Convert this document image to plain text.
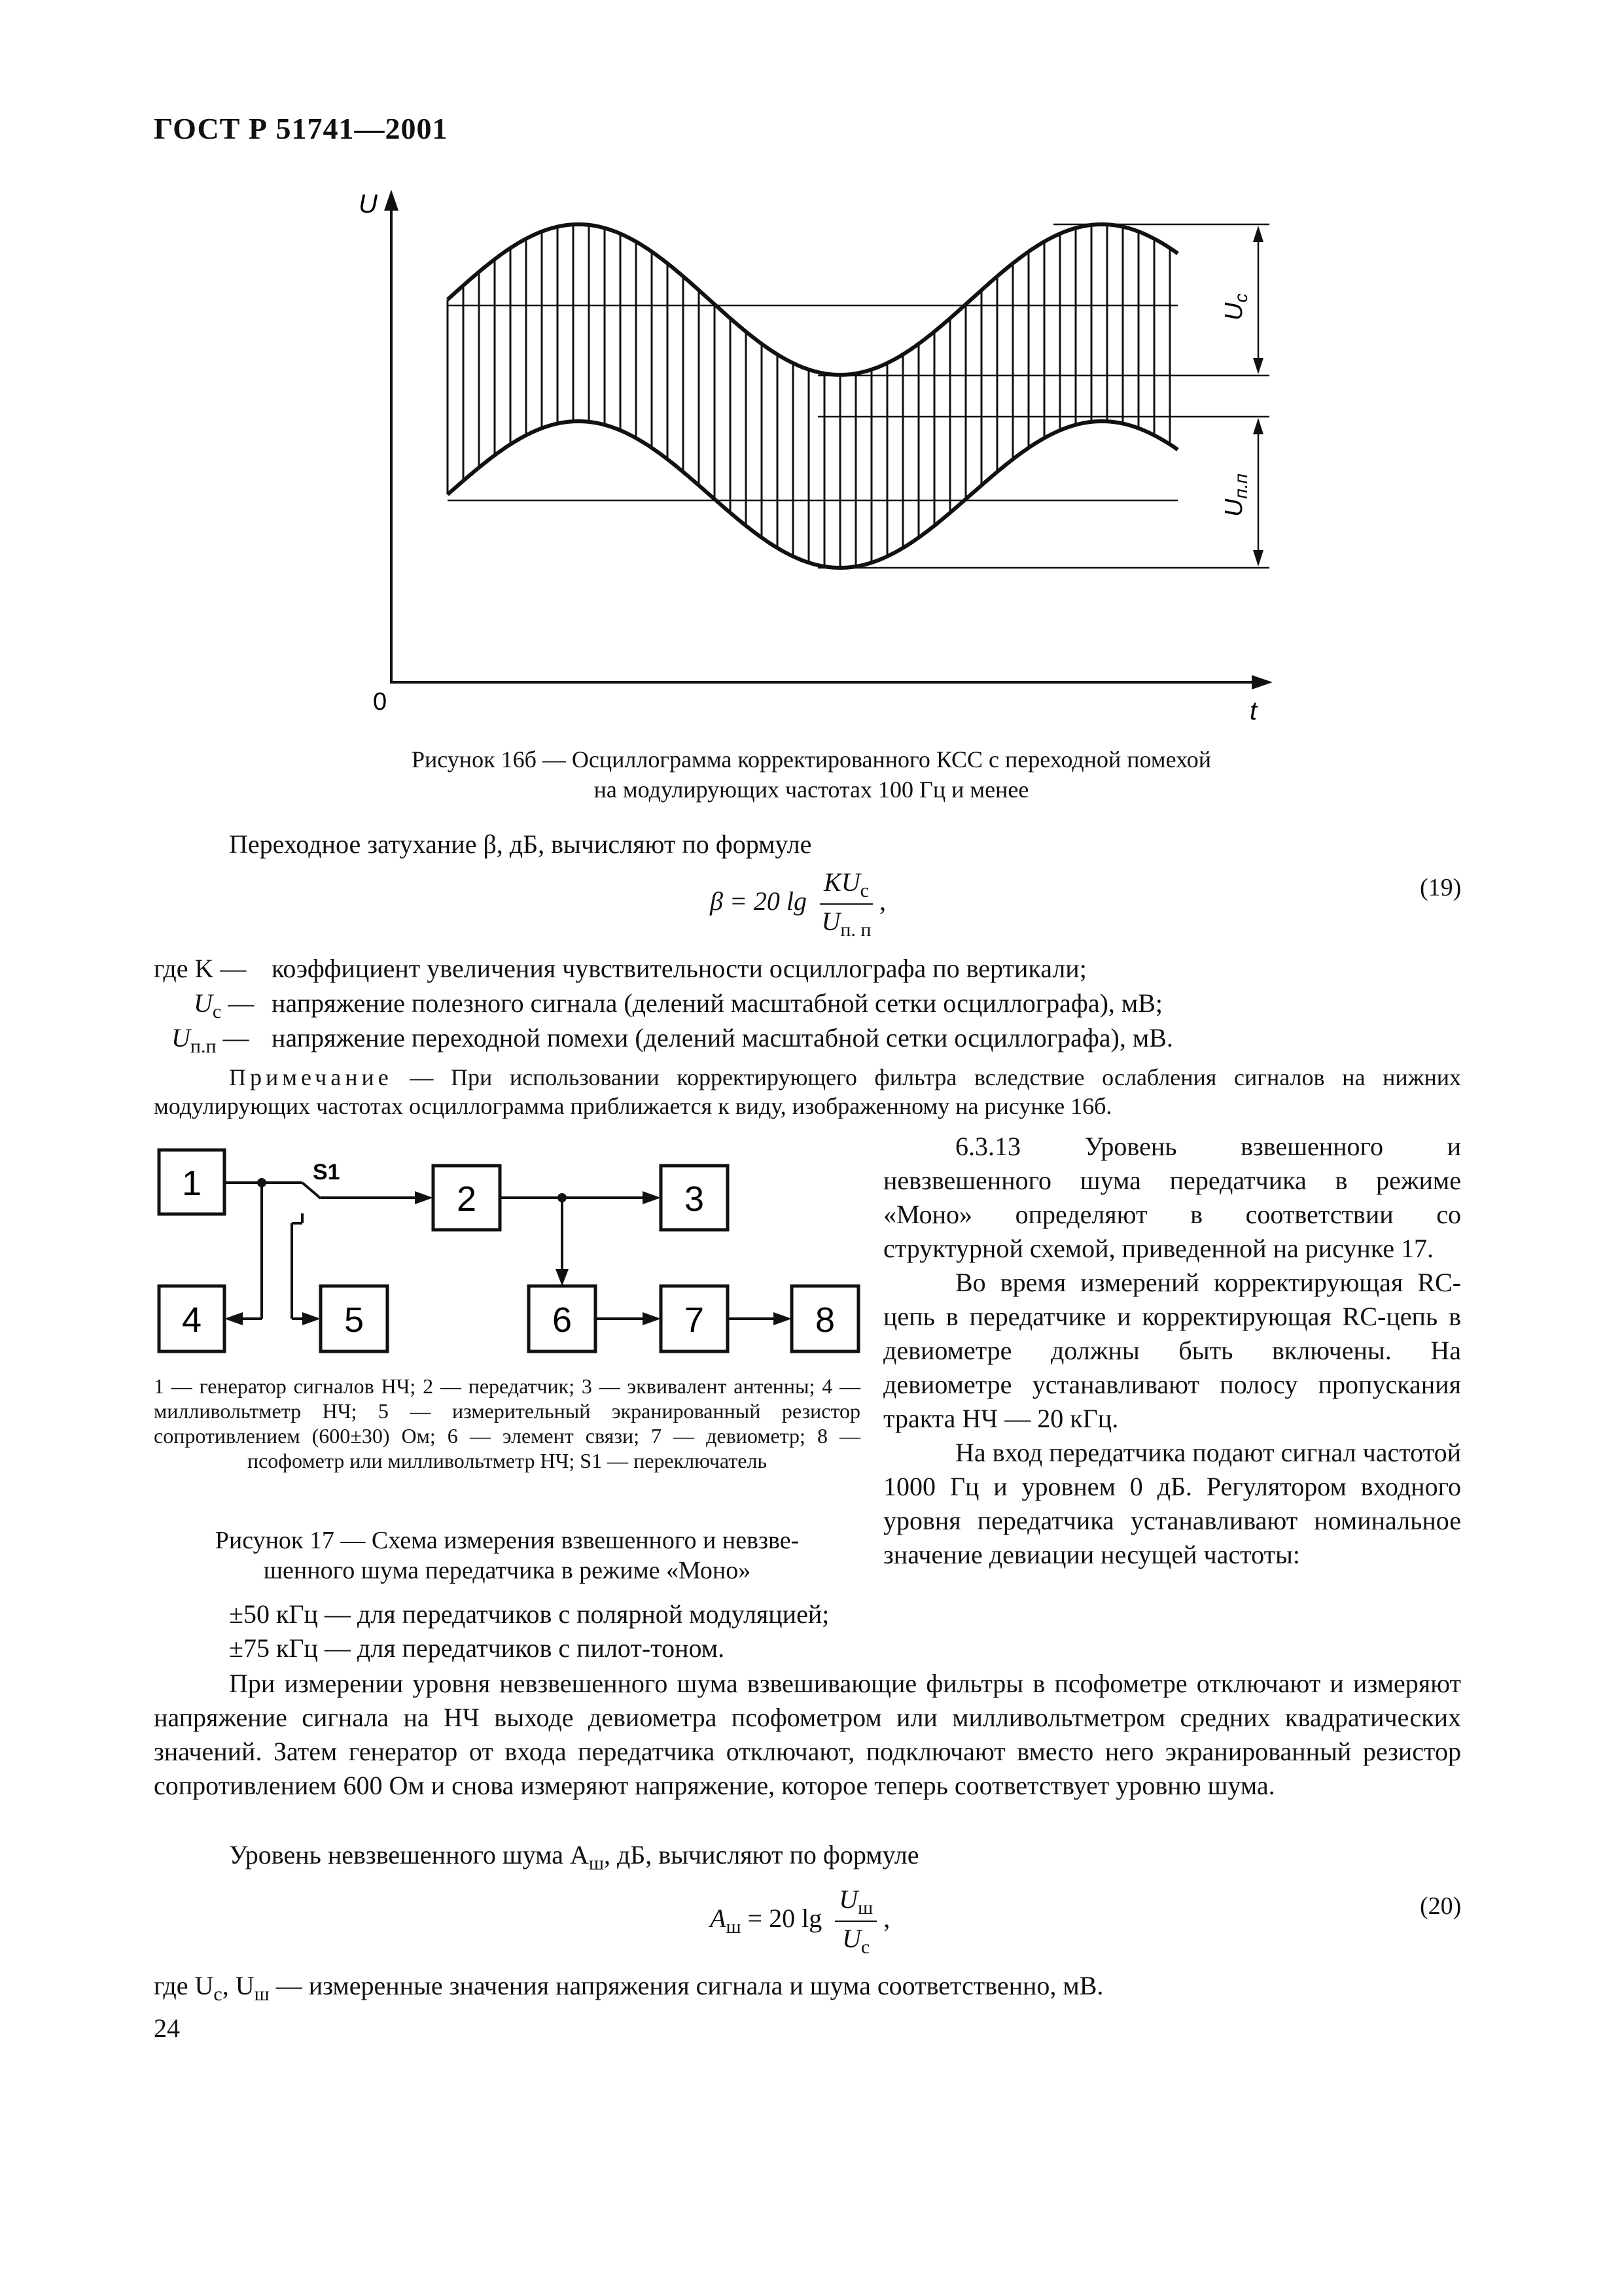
ГОСТ Р 51741—2001
U
0	t
$U_с$
$U_{п.п}$
Рисунок 16б — Осциллограмма корректированного КСС с переходной помехой
на модулирующих частотах 100 Гц и менее
Переходное затухание β, дБ, вычисляют по формуле
β = 20 $\lg \frac{KU_с}{U_{п. п}}$ ,	(19)
где K — коэффициент увеличения чувствительности осциллографа по вертикали;
$U_с$ — напряжение полезного сигнала (делений масштабной сетки осциллографа), мВ;
$U_{п.п}$ — напряжение переходной помехи (делений масштабной сетки осциллографа), мВ.
Примечание — При использовании корректирующего фильтра вследствие ослабления сигналов на нижних модулирующих частотах осциллограмма приближается к виду, изображенному на рисунке 16б.
1	2	3
4	5	6	7	8
S1
1 — генератор сигналов НЧ; 2 — передатчик; 3 — эквивалент антенны; 4 — милливольтметр НЧ; 5 — измерительный экранированный резистор сопротивлением (600±30) Ом; 6 — элемент связи; 7 — девиометр; 8 — псофометр или милливольтметр НЧ; S1 — переключатель
Рисунок 17 — Схема измерения взвешенного и невзве-
шенного шума передатчика в режиме «Моно»
6.3.13 Уровень взвешенного и невзвешенного шума передатчика в режиме «Моно» определяют в соответствии со структурной схемой, приведенной на рисунке 17.
Во время измерений корректирующая RC-цепь в передатчике и корректирующая RC-цепь в девиометре должны быть включены. На девиометре устанавливают полосу пропускания тракта НЧ — 20 кГц.
На вход передатчика подают сигнал частотой 1000 Гц и уровнем 0 дБ. Регулятором входного уровня передатчика устанавливают номинальное значение девиации несущей частоты:
±50 кГц — для передатчиков с полярной модуляцией;
±75 кГц — для передатчиков с пилот-тоном.
При измерении уровня невзвешенного шума взвешивающие фильтры в псофометре отключают и измеряют напряжение сигнала на НЧ выходе девиометра псофометром или милливольтметром средних квадратических значений. Затем генератор от входа передатчика отключают, подключают вместо него экранированный резистор сопротивлением 600 Ом и снова измеряют напряжение, которое теперь соответствует уровню шума.
Уровень невзвешенного шума $A_ш$, дБ, вычисляют по формуле
$A_ш = 20$ $\lg \frac{U_ш}{U_с}$ ,	(20)
где $U_с$, $U_ш$ — измеренные значения напряжения сигнала и шума соответственно, мВ.
24
